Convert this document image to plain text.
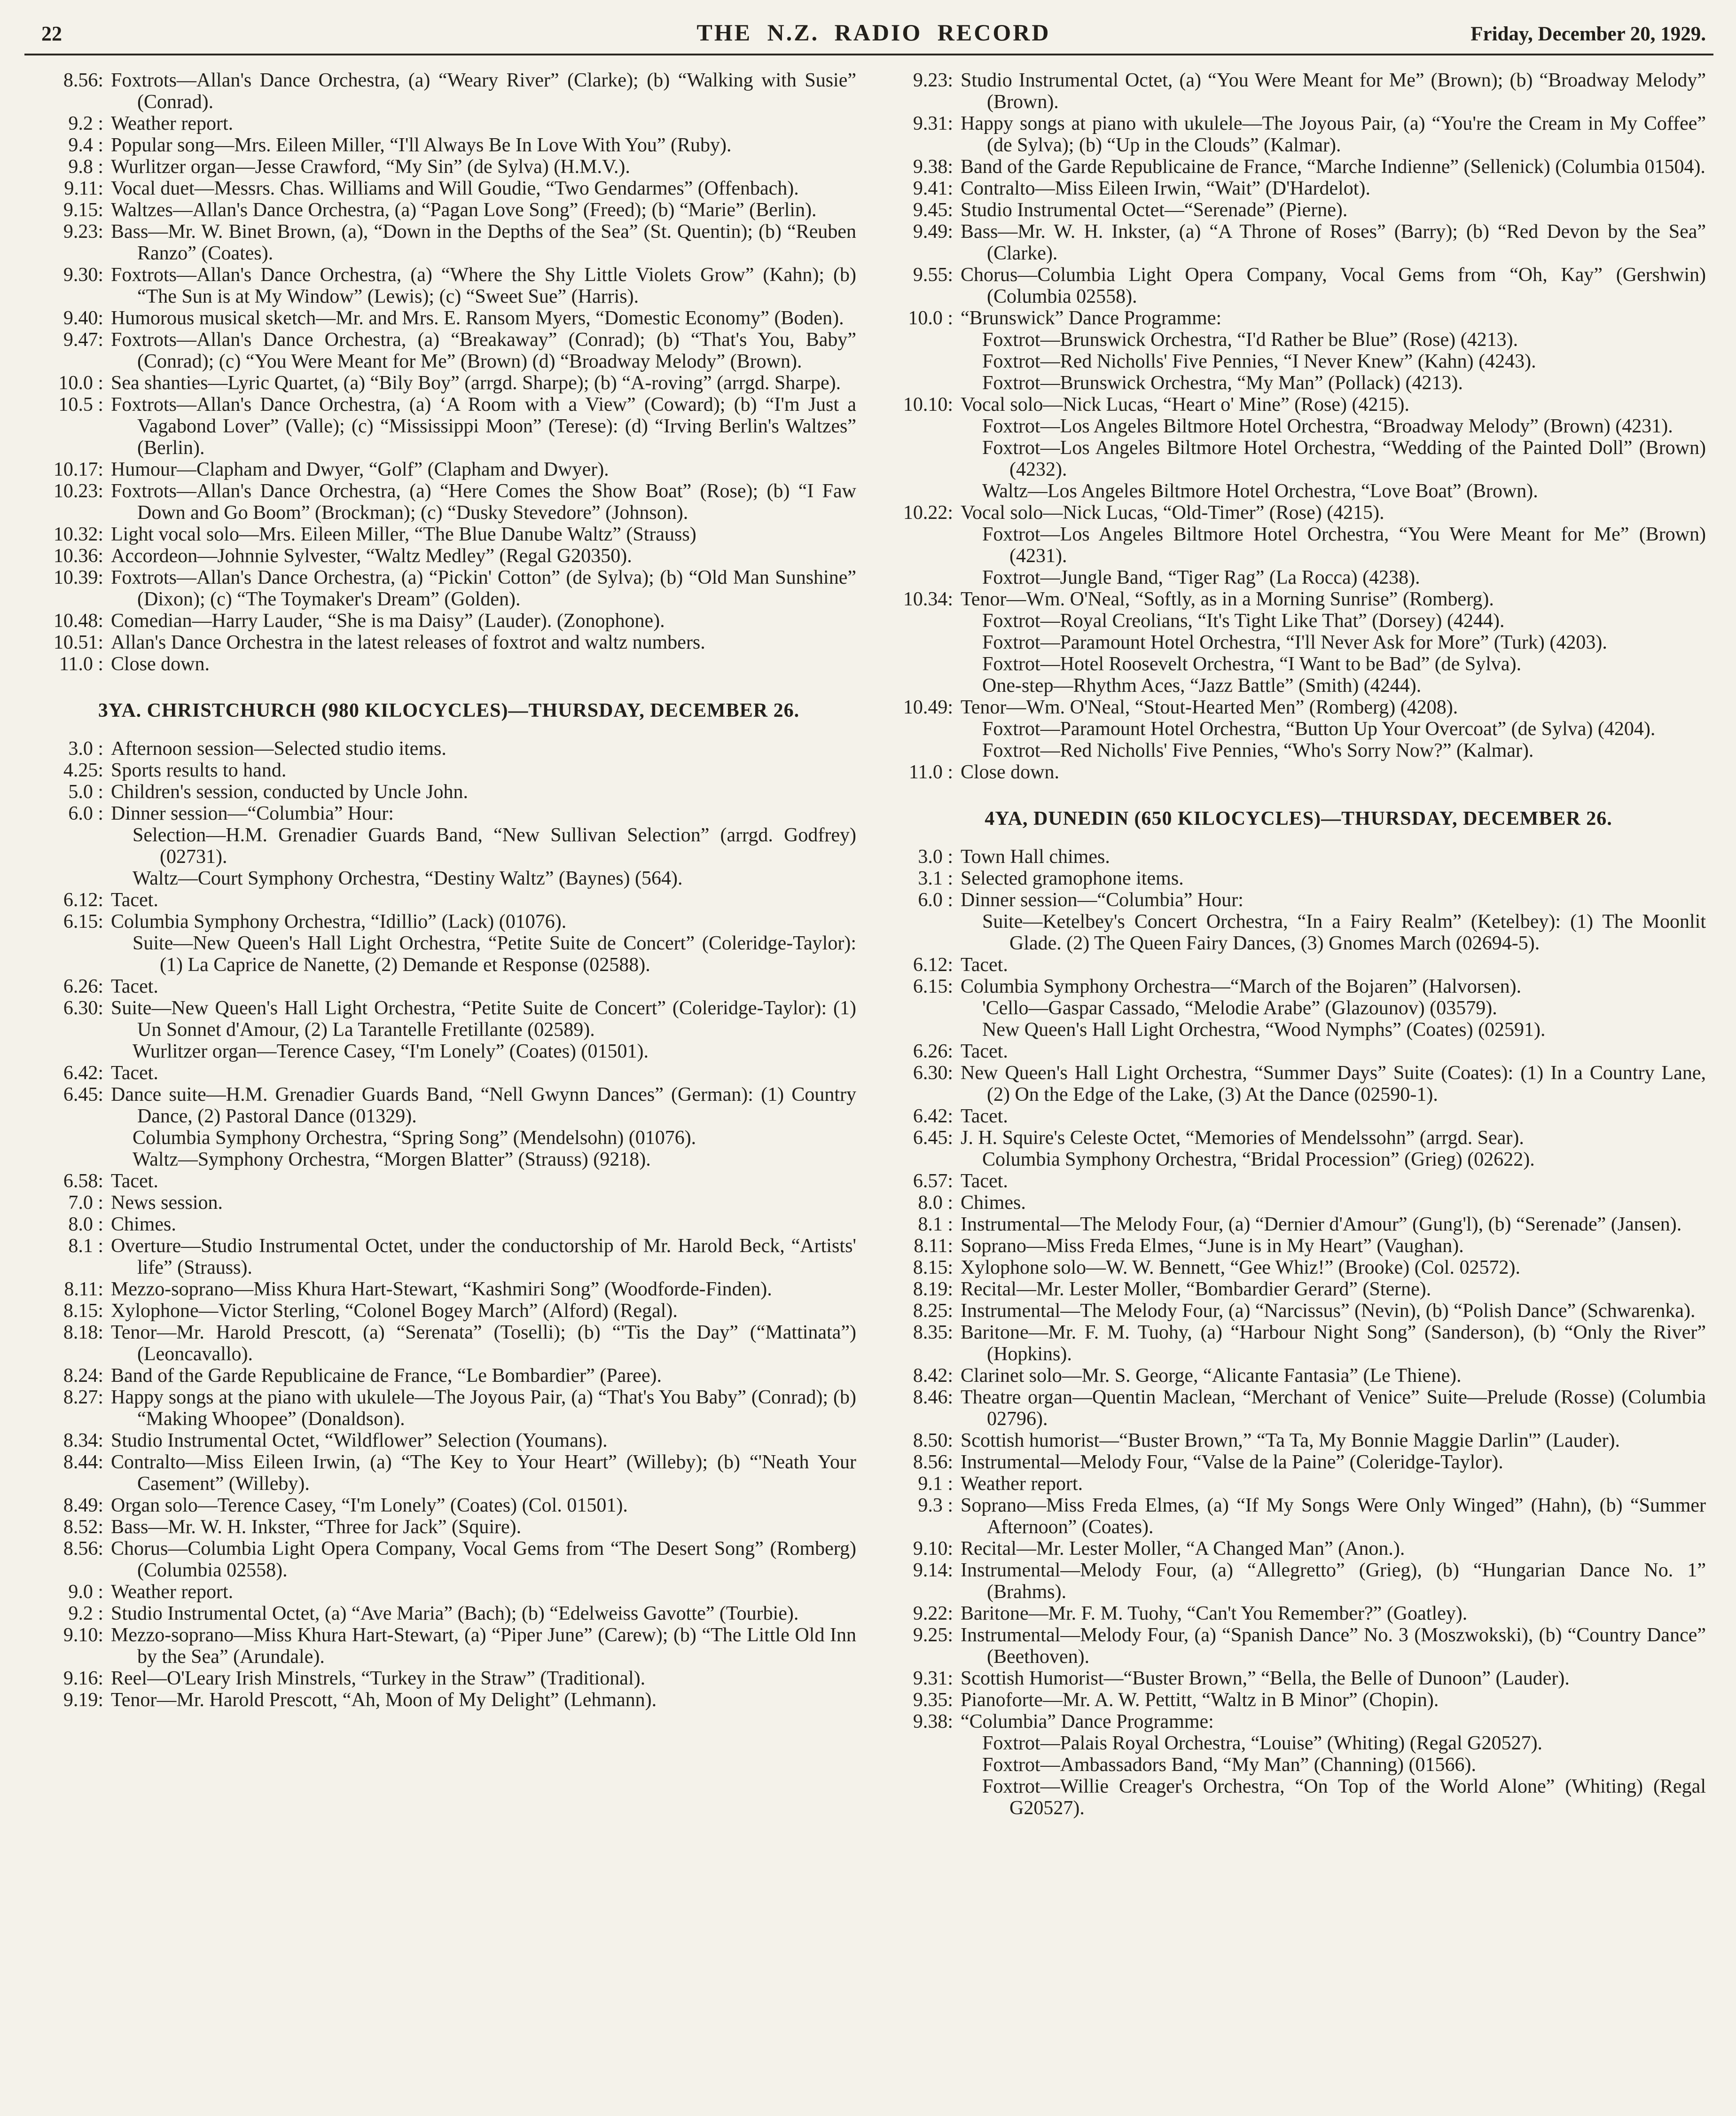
22	THE N.Z. RADIO RECORD	Friday, December 20, 1929.
8.56: Foxtrots—Allan's Dance Orchestra, (a) “Weary River” (Clarke); (b) “Walking with Susie” (Conrad).
9.2 : Weather report.
9.4 : Popular song—Mrs. Eileen Miller, “I'll Always Be In Love With You” (Ruby).
9.8 : Wurlitzer organ—Jesse Crawford, “My Sin” (de Sylva) (H.M.V.).
9.11: Vocal duet—Messrs. Chas. Williams and Will Goudie, “Two Gendarmes” (Offenbach).
9.15: Waltzes—Allan's Dance Orchestra, (a) “Pagan Love Song” (Freed); (b) “Marie” (Berlin).
9.23: Bass—Mr. W. Binet Brown, (a), “Down in the Depths of the Sea” (St. Quentin); (b) “Reuben Ranzo” (Coates).
9.30: Foxtrots—Allan's Dance Orchestra, (a) “Where the Shy Little Violets Grow” (Kahn); (b) “The Sun is at My Window” (Lewis); (c) “Sweet Sue” (Harris).
9.40: Humorous musical sketch—Mr. and Mrs. E. Ransom Myers, “Domestic Economy” (Boden).
9.47: Foxtrots—Allan's Dance Orchestra, (a) “Breakaway” (Conrad); (b) “That's You, Baby” (Conrad); (c) “You Were Meant for Me” (Brown) (d) “Broadway Melody” (Brown).
10.0 : Sea shanties—Lyric Quartet, (a) “Bily Boy” (arrgd. Sharpe); (b) “A-roving” (arrgd. Sharpe).
10.5 : Foxtrots—Allan's Dance Orchestra, (a) ‘A Room with a View” (Coward); (b) “I'm Just a Vagabond Lover” (Valle); (c) “Mississippi Moon” (Terese): (d) “Irving Berlin's Waltzes” (Berlin).
10.17: Humour—Clapham and Dwyer, “Golf” (Clapham and Dwyer).
10.23: Foxtrots—Allan's Dance Orchestra, (a) “Here Comes the Show Boat” (Rose); (b) “I Faw Down and Go Boom” (Brockman); (c) “Dusky Stevedore” (Johnson).
10.32: Light vocal solo—Mrs. Eileen Miller, “The Blue Danube Waltz” (Strauss)
10.36: Accordeon—Johnnie Sylvester, “Waltz Medley” (Regal G20350).
10.39: Foxtrots—Allan's Dance Orchestra, (a) “Pickin' Cotton” (de Sylva); (b) “Old Man Sunshine” (Dixon); (c) “The Toymaker's Dream” (Golden).
10.48: Comedian—Harry Lauder, “She is ma Daisy” (Lauder). (Zonophone).
10.51: Allan's Dance Orchestra in the latest releases of foxtrot and waltz numbers.
11.0 : Close down.
3YA. CHRISTCHURCH (980 KILOCYCLES)—THURSDAY, DECEMBER 26.
3.0 : Afternoon session—Selected studio items.
4.25: Sports results to hand.
5.0 : Children's session, conducted by Uncle John.
6.0 : Dinner session—“Columbia” Hour:
Selection—H.M. Grenadier Guards Band, “New Sullivan Selection” (arrgd. Godfrey) (02731).
Waltz—Court Symphony Orchestra, “Destiny Waltz” (Baynes) (564).
6.12: Tacet.
6.15: Columbia Symphony Orchestra, “Idillio” (Lack) (01076).
Suite—New Queen's Hall Light Orchestra, “Petite Suite de Concert” (Coleridge-Taylor): (1) La Caprice de Nanette, (2) Demande et Response (02588).
6.26: Tacet.
6.30: Suite—New Queen's Hall Light Orchestra, “Petite Suite de Concert” (Coleridge-Taylor): (1) Un Sonnet d'Amour, (2) La Tarantelle Fretillante (02589).
Wurlitzer organ—Terence Casey, “I'm Lonely” (Coates) (01501).
6.42: Tacet.
6.45: Dance suite—H.M. Grenadier Guards Band, “Nell Gwynn Dances” (German): (1) Country Dance, (2) Pastoral Dance (01329).
Columbia Symphony Orchestra, “Spring Song” (Mendelsohn) (01076).
Waltz—Symphony Orchestra, “Morgen Blatter” (Strauss) (9218).
6.58: Tacet.
7.0 : News session.
8.0 : Chimes.
8.1 : Overture—Studio Instrumental Octet, under the conductorship of Mr. Harold Beck, “Artists' life” (Strauss).
8.11: Mezzo-soprano—Miss Khura Hart-Stewart, “Kashmiri Song” (Woodforde-Finden).
8.15: Xylophone—Victor Sterling, “Colonel Bogey March” (Alford) (Regal).
8.18: Tenor—Mr. Harold Prescott, (a) “Serenata” (Toselli); (b) “'Tis the Day” (“Mattinata”) (Leoncavallo).
8.24: Band of the Garde Republicaine de France, “Le Bombardier” (Paree).
8.27: Happy songs at the piano with ukulele—The Joyous Pair, (a) “That's You Baby” (Conrad); (b) “Making Whoopee” (Donaldson).
8.34: Studio Instrumental Octet, “Wildflower” Selection (Youmans).
8.44: Contralto—Miss Eileen Irwin, (a) “The Key to Your Heart” (Willeby); (b) “'Neath Your Casement” (Willeby).
8.49: Organ solo—Terence Casey, “I'm Lonely” (Coates) (Col. 01501).
8.52: Bass—Mr. W. H. Inkster, “Three for Jack” (Squire).
8.56: Chorus—Columbia Light Opera Company, Vocal Gems from “The Desert Song” (Romberg) (Columbia 02558).
9.0 : Weather report.
9.2 : Studio Instrumental Octet, (a) “Ave Maria” (Bach); (b) “Edelweiss Gavotte” (Tourbie).
9.10: Mezzo-soprano—Miss Khura Hart-Stewart, (a) “Piper June” (Carew); (b) “The Little Old Inn by the Sea” (Arundale).
9.16: Reel—O'Leary Irish Minstrels, “Turkey in the Straw” (Traditional).
9.19: Tenor—Mr. Harold Prescott, “Ah, Moon of My Delight” (Lehmann).
9.23: Studio Instrumental Octet, (a) “You Were Meant for Me” (Brown); (b) “Broadway Melody” (Brown).
9.31: Happy songs at piano with ukulele—The Joyous Pair, (a) “You're the Cream in My Coffee” (de Sylva); (b) “Up in the Clouds” (Kalmar).
9.38: Band of the Garde Republicaine de France, “Marche Indienne” (Sellenick) (Columbia 01504).
9.41: Contralto—Miss Eileen Irwin, “Wait” (D'Hardelot).
9.45: Studio Instrumental Octet—“Serenade” (Pierne).
9.49: Bass—Mr. W. H. Inkster, (a) “A Throne of Roses” (Barry); (b) “Red Devon by the Sea” (Clarke).
9.55: Chorus—Columbia Light Opera Company, Vocal Gems from “Oh, Kay” (Gershwin) (Columbia 02558).
10.0 : “Brunswick” Dance Programme:
Foxtrot—Brunswick Orchestra, “I'd Rather be Blue” (Rose) (4213).
Foxtrot—Red Nicholls' Five Pennies, “I Never Knew” (Kahn) (4243).
Foxtrot—Brunswick Orchestra, “My Man” (Pollack) (4213).
10.10: Vocal solo—Nick Lucas, “Heart o' Mine” (Rose) (4215).
Foxtrot—Los Angeles Biltmore Hotel Orchestra, “Broadway Melody” (Brown) (4231).
Foxtrot—Los Angeles Biltmore Hotel Orchestra, “Wedding of the Painted Doll” (Brown) (4232).
Waltz—Los Angeles Biltmore Hotel Orchestra, “Love Boat” (Brown).
10.22: Vocal solo—Nick Lucas, “Old-Timer” (Rose) (4215).
Foxtrot—Los Angeles Biltmore Hotel Orchestra, “You Were Meant for Me” (Brown) (4231).
Foxtrot—Jungle Band, “Tiger Rag” (La Rocca) (4238).
10.34: Tenor—Wm. O'Neal, “Softly, as in a Morning Sunrise” (Romberg).
Foxtrot—Royal Creolians, “It's Tight Like That” (Dorsey) (4244).
Foxtrot—Paramount Hotel Orchestra, “I'll Never Ask for More” (Turk) (4203).
Foxtrot—Hotel Roosevelt Orchestra, “I Want to be Bad” (de Sylva).
One-step—Rhythm Aces, “Jazz Battle” (Smith) (4244).
10.49: Tenor—Wm. O'Neal, “Stout-Hearted Men” (Romberg) (4208).
Foxtrot—Paramount Hotel Orchestra, “Button Up Your Overcoat” (de Sylva) (4204).
Foxtrot—Red Nicholls' Five Pennies, “Who's Sorry Now?” (Kalmar).
11.0 : Close down.
4YA, DUNEDIN (650 KILOCYCLES)—THURSDAY, DECEMBER 26.
3.0 : Town Hall chimes.
3.1 : Selected gramophone items.
6.0 : Dinner session—“Columbia” Hour:
Suite—Ketelbey's Concert Orchestra, “In a Fairy Realm” (Ketelbey): (1) The Moonlit Glade. (2) The Queen Fairy Dances, (3) Gnomes March (02694-5).
6.12: Tacet.
6.15: Columbia Symphony Orchestra—“March of the Bojaren” (Halvorsen).
'Cello—Gaspar Cassado, “Melodie Arabe” (Glazounov) (03579).
New Queen's Hall Light Orchestra, “Wood Nymphs” (Coates) (02591).
6.26: Tacet.
6.30: New Queen's Hall Light Orchestra, “Summer Days” Suite (Coates): (1) In a Country Lane, (2) On the Edge of the Lake, (3) At the Dance (02590-1).
6.42: Tacet.
6.45: J. H. Squire's Celeste Octet, “Memories of Mendelssohn” (arrgd. Sear).
Columbia Symphony Orchestra, “Bridal Procession” (Grieg) (02622).
6.57: Tacet.
8.0 : Chimes.
8.1 : Instrumental—The Melody Four, (a) “Dernier d'Amour” (Gung'l), (b) “Serenade” (Jansen).
8.11: Soprano—Miss Freda Elmes, “June is in My Heart” (Vaughan).
8.15: Xylophone solo—W. W. Bennett, “Gee Whiz!” (Brooke) (Col. 02572).
8.19: Recital—Mr. Lester Moller, “Bombardier Gerard” (Sterne).
8.25: Instrumental—The Melody Four, (a) “Narcissus” (Nevin), (b) “Polish Dance” (Schwarenka).
8.35: Baritone—Mr. F. M. Tuohy, (a) “Harbour Night Song” (Sanderson), (b) “Only the River” (Hopkins).
8.42: Clarinet solo—Mr. S. George, “Alicante Fantasia” (Le Thiene).
8.46: Theatre organ—Quentin Maclean, “Merchant of Venice” Suite—Prelude (Rosse) (Columbia 02796).
8.50: Scottish humorist—“Buster Brown,” “Ta Ta, My Bonnie Maggie Darlin'” (Lauder).
8.56: Instrumental—Melody Four, “Valse de la Paine” (Coleridge-Taylor).
9.1 : Weather report.
9.3 : Soprano—Miss Freda Elmes, (a) “If My Songs Were Only Winged” (Hahn), (b) “Summer Afternoon” (Coates).
9.10: Recital—Mr. Lester Moller, “A Changed Man” (Anon.).
9.14: Instrumental—Melody Four, (a) “Allegretto” (Grieg), (b) “Hungarian Dance No. 1” (Brahms).
9.22: Baritone—Mr. F. M. Tuohy, “Can't You Remember?” (Goatley).
9.25: Instrumental—Melody Four, (a) “Spanish Dance” No. 3 (Moszwokski), (b) “Country Dance” (Beethoven).
9.31: Scottish Humorist—“Buster Brown,” “Bella, the Belle of Dunoon” (Lauder).
9.35: Pianoforte—Mr. A. W. Pettitt, “Waltz in B Minor” (Chopin).
9.38: “Columbia” Dance Programme:
Foxtrot—Palais Royal Orchestra, “Louise” (Whiting) (Regal G20527).
Foxtrot—Ambassadors Band, “My Man” (Channing) (01566).
Foxtrot—Willie Creager's Orchestra, “On Top of the World Alone” (Whiting) (Regal G20527).
